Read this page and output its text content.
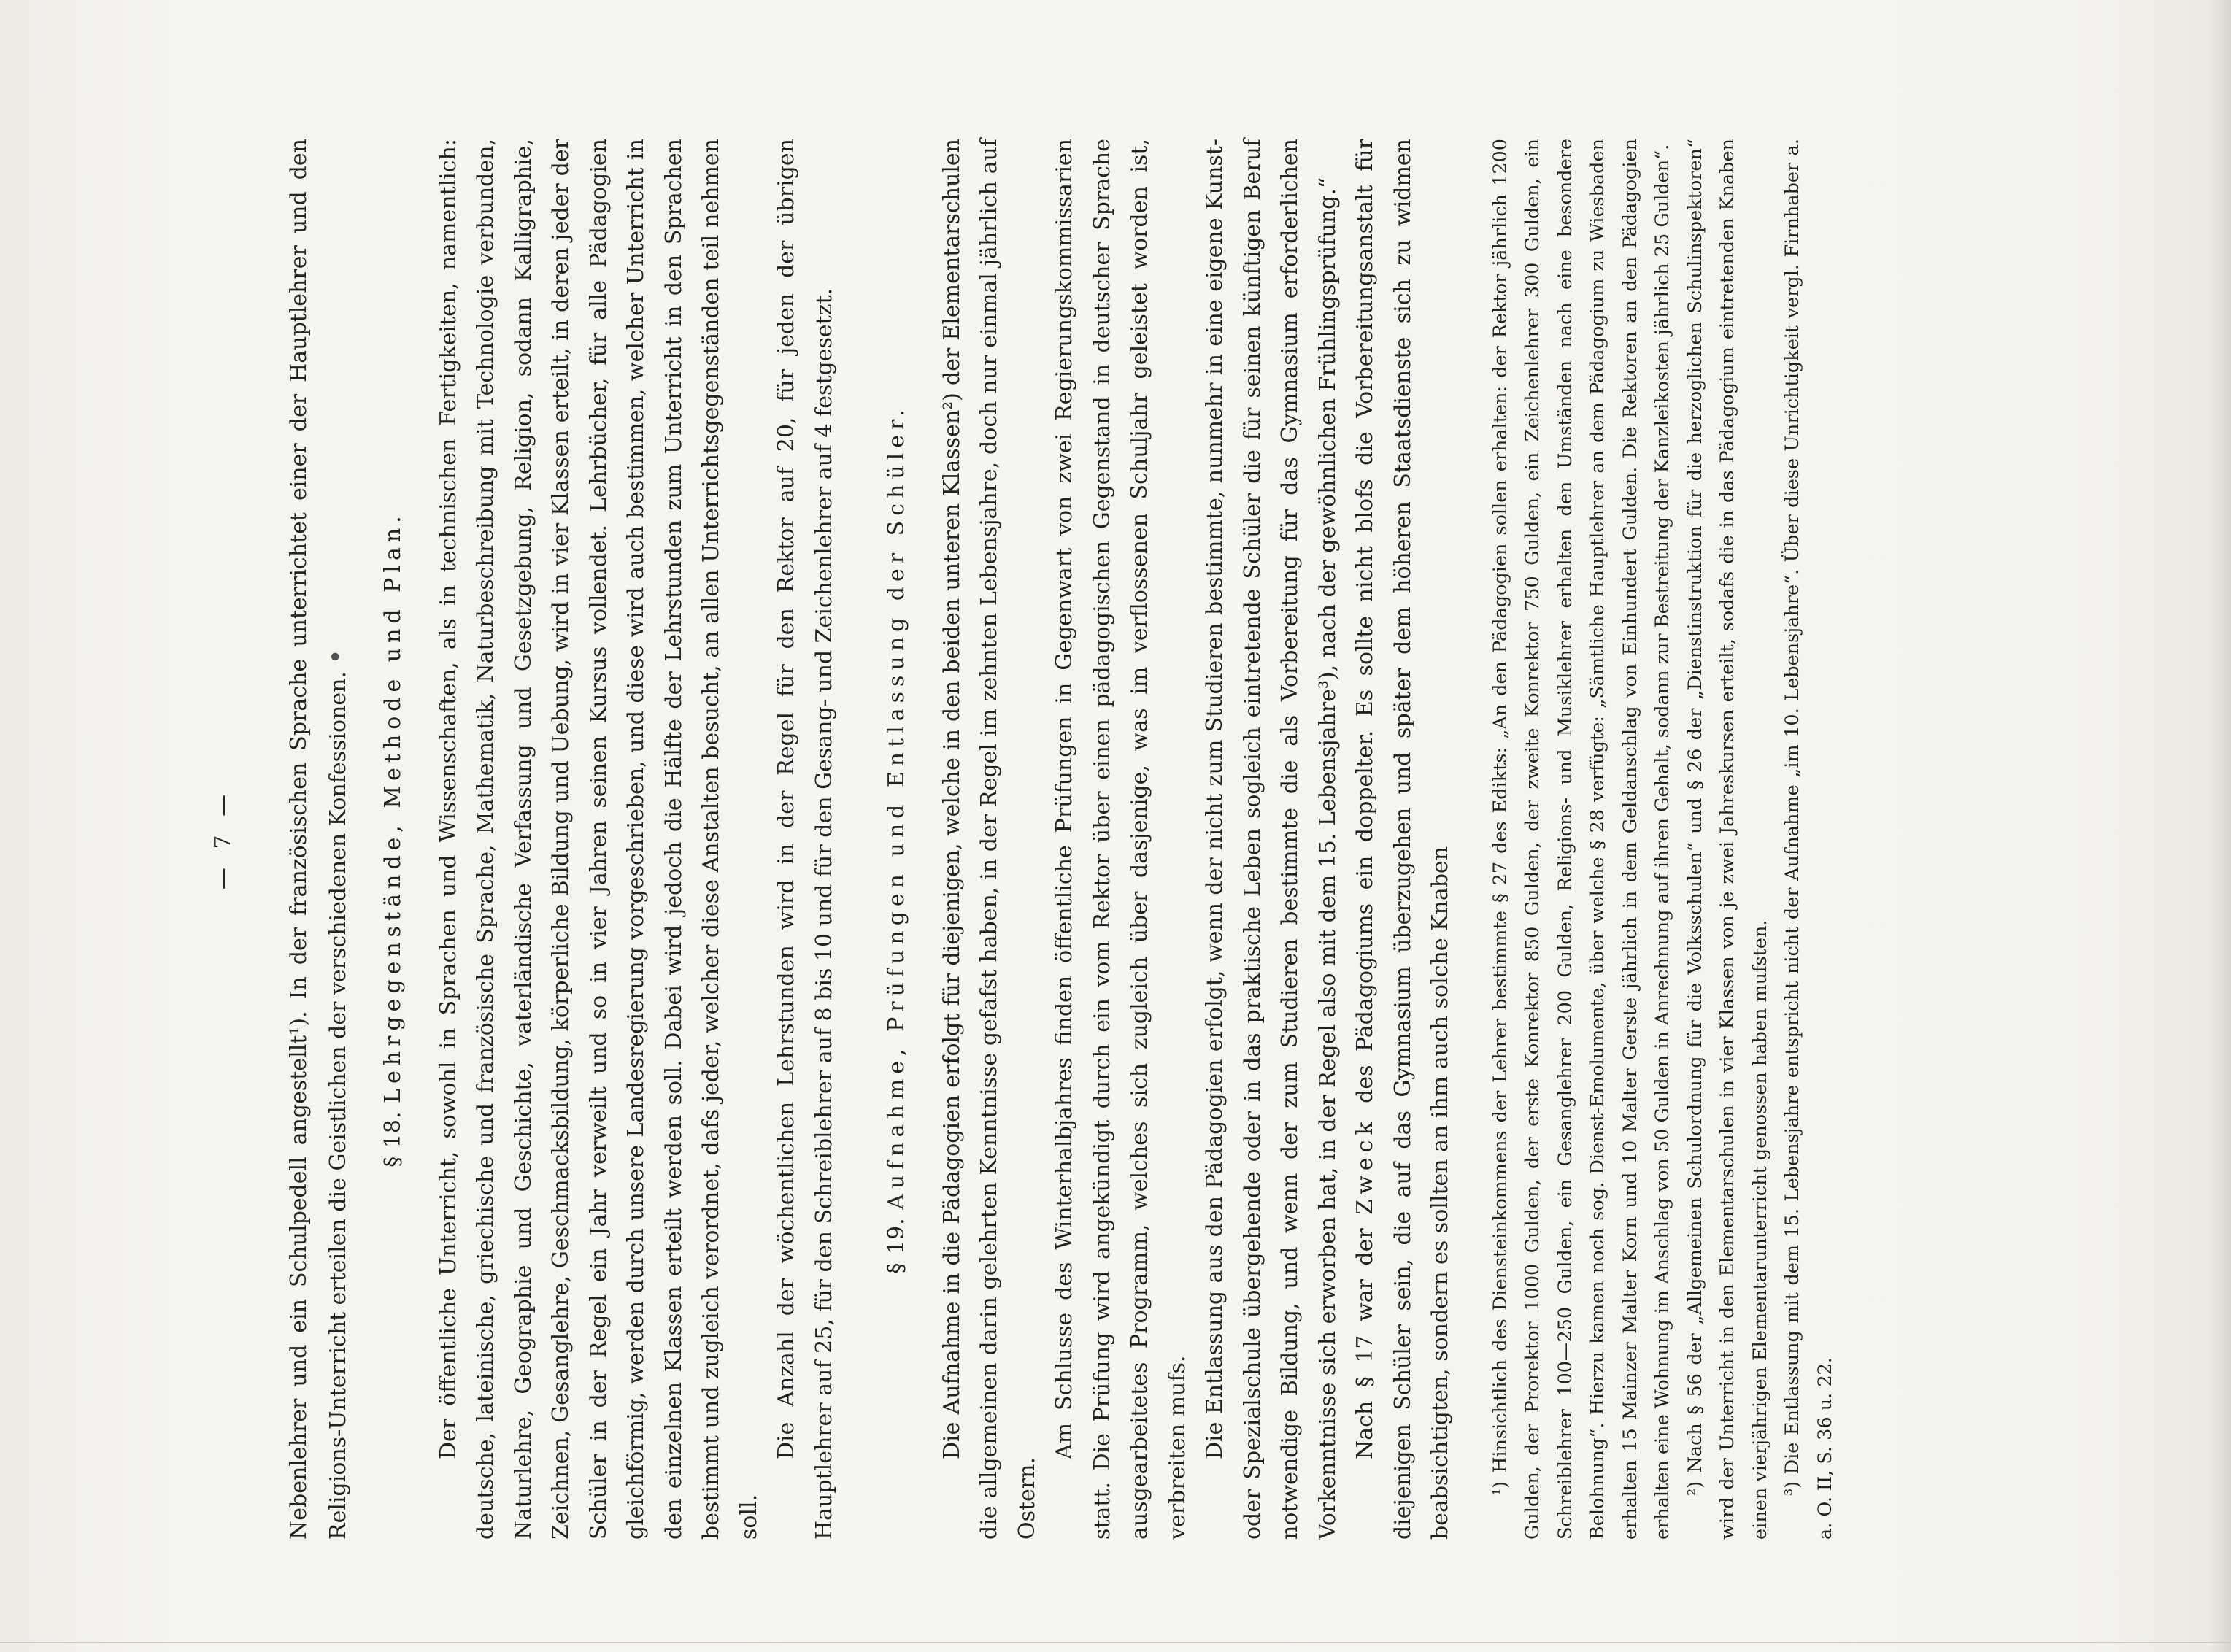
— 7 —	Nebenlehrer und ein Schulpedell angestellt¹). In der französischen Sprache unterrichtet einer der Hauptlehrer und den Religions-Unterricht erteilen die Geistlichen der verschiedenen Konfessionen. •

§ 18. Lehrgegenstände, Methode und Plan. Der öffentliche Unterricht, sowohl in Sprachen und Wissenschaften, als in technischen Fertigkeiten, namentlich: deutsche, lateinische, griechische und französische Sprache, Mathematik, Naturbeschreibung mit Technologie verbunden, Naturlehre, Geographie und Geschichte, vaterländische Verfassung und Gesetzgebung, Religion, sodann Kalligraphie, Zeichnen, Gesanglehre, Geschmacksbildung, körperliche Bildung und Uebung, wird in vier Klassen erteilt, in deren jeder der Schüler in der Regel ein Jahr verweilt und so in vier Jahren seinen Kursus vollendet. Lehrbücher, für alle Pädagogien gleichförmig, werden durch unsere Landesregierung vorgeschrieben, und diese wird auch bestimmen, welcher Unterricht in den einzelnen Klassen erteilt werden soll. Dabei wird jedoch die Hälfte der Lehrstunden zum Unterricht in den Sprachen bestimmt und zugleich verordnet, dafs jeder, welcher diese Anstalten besucht, an allen Unterrichtsgegenständen teil nehmen soll.

Die Anzahl der wöchentlichen Lehrstunden wird in der Regel für den Rektor auf 20, für jeden der übrigen Hauptlehrer auf 25, für den Schreiblehrer auf 8 bis 10 und für den Gesang- und Zeichenlehrer auf 4 festgesetzt. § 19. Aufnahme, Prüfungen und Entlassung der Schüler. Die Aufnahme in die Pädagogien erfolgt für diejenigen, welche in den beiden unteren Klassen²) der Elementarschulen die allgemeinen darin gelehrten Kenntnisse gefafst haben, in der Regel im zehnten Lebensjahre, doch nur einmal jährlich auf Ostern.

Am Schlusse des Winterhalbjahres finden öffentliche Prüfungen in Gegenwart von zwei Regierungskommissarien statt. Die Prüfung wird angekündigt durch ein vom Rektor über einen pädagogischen Gegenstand in deutscher Sprache ausgearbeitetes Programm, welches sich zugleich über dasjenige, was im verflossenen Schuljahr geleistet worden ist, verbreiten mufs. Die Entlassung aus den Pädagogien erfolgt, wenn der nicht zum Studieren bestimmte, nunmehr in eine eigene Kunst- oder Spezialschule übergehende oder in das praktische Leben sogleich eintretende Schüler die für seinen künftigen Beruf notwendige Bildung, und wenn der zum Studieren bestimmte die als Vorbereitung für das Gymnasium erforderlichen Vorkenntnisse sich erworben hat, in der Regel also mit dem 15. Lebensjahre³), nach der gewöhnlichen Frühlingsprüfung.“ Nach § 17 war der Zweck des Pädagogiums ein doppelter. Es sollte nicht blofs die Vorbereitungsanstalt für diejenigen Schüler sein, die auf das Gymnasium überzugehen und später dem höheren Staatsdienste sich zu widmen beabsichtigten, sondern es sollten an ihm auch solche Knaben	¹) Hinsichtlich des Diensteinkommens der Lehrer bestimmte § 27 des Edikts: „An den Pädagogien sollen erhalten: der Rektor jährlich 1200 Gulden, der Prorektor 1000 Gulden, der erste Konrektor 850 Gulden, der zweite Konrektor 750 Gulden, ein Zeichenlehrer 300 Gulden, ein Schreiblehrer 100—250 Gulden, ein Gesanglehrer 200 Gulden, Religions- und Musiklehrer erhalten den Umständen nach eine besondere Belohnung“. Hierzu kamen noch sog. Dienst-Emolumente, über welche § 28 verfügte: „Sämtliche Hauptlehrer an dem Pädagogium zu Wiesbaden erhalten 15 Mainzer Malter Korn und 10 Malter Gerste jährlich in dem Geldanschlag von Einhundert Gulden. Die Rektoren an den Pädagogien erhalten eine Wohnung im Anschlag von 50 Gulden in Anrechnung auf ihren Gehalt, sodann zur Bestreitung der Kanzleikosten jährlich 25 Gulden“. ²) Nach § 56 der „Allgemeinen Schulordnung für die Volksschulen“ und § 26 der „Dienstinstruktion für die herzoglichen Schulinspektoren“ wird der Unterricht in den Elementarschulen in vier Klassen von je zwei Jahreskursen erteilt, sodafs die in das Pädagogium eintretenden Knaben einen vierjährigen Elementarunterricht genossen haben mufsten. ³) Die Entlassung mit dem 15. Lebensjahre entspricht nicht der Aufnahme „im 10. Lebensjahre“. Über diese Unrichtigkeit vergl. Firnhaber a. a. O. II, S. 36 u. 22.
